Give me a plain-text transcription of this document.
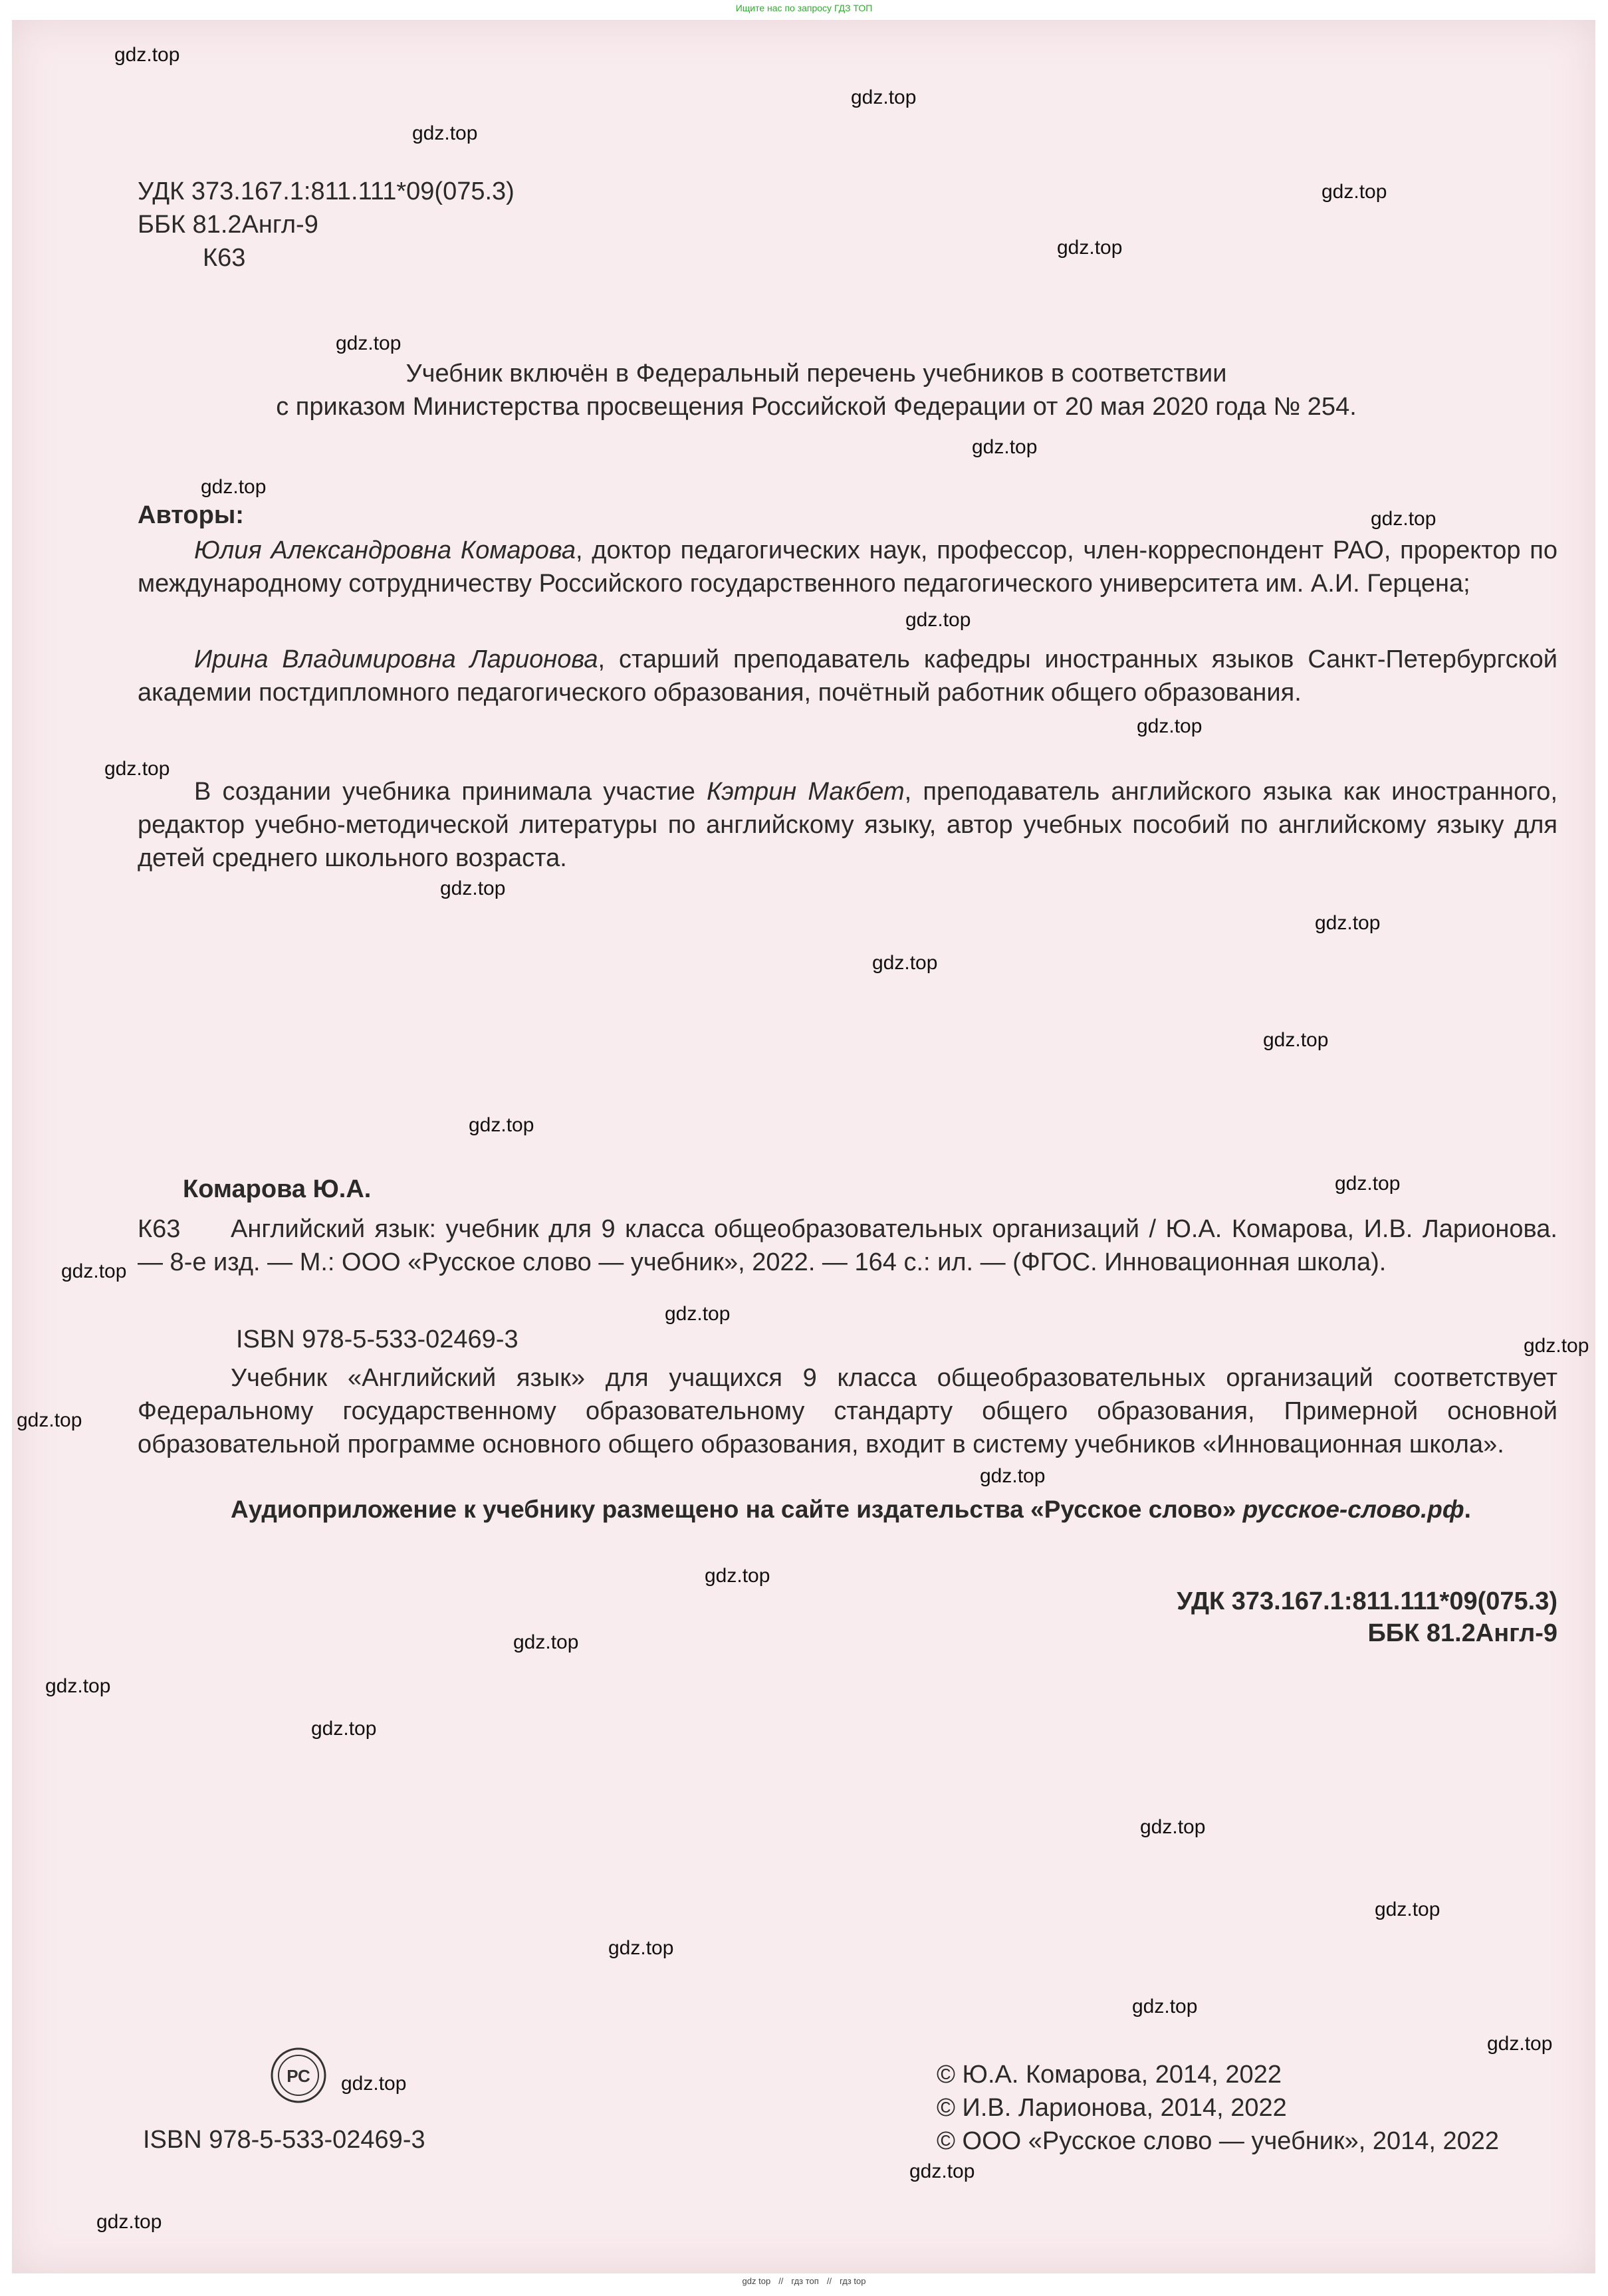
Ищите нас по запросу ГДЗ ТОП
УДК 373.167.1:811.111*09(075.3)
ББК 81.2Англ-9
К63
Учебник включён в Федеральный перечень учебников в соответствии
с приказом Министерства просвещения Российской Федерации от 20 мая 2020 года № 254.
Авторы:
Юлия Александровна Комарова, доктор педагогических наук, профессор, член-корреспондент РАО, проректор по международному сотрудничеству Российского государственного педагогического университета им. А.И. Герцена;
Ирина Владимировна Ларионова, старший преподаватель кафедры иностранных языков Санкт-Петербургской академии постдипломного педагогического образования, почётный работник общего образования.
В создании учебника принимала участие Кэтрин Макбет, преподаватель английского языка как иностранного, редактор учебно-методической литературы по английскому языку, автор учебных пособий по английскому языку для детей среднего школьного возраста.
Комарова Ю.А.
К63	Английский язык: учебник для 9 класса общеобразовательных организаций / Ю.А. Комарова, И.В. Ларионова. — 8-е изд. — М.: ООО «Русское слово — учебник», 2022. — 164 с.: ил. — (ФГОС. Инновационная школа).
ISBN 978-5-533-02469-3
Учебник «Английский язык» для учащихся 9 класса общеобразовательных организаций соответствует Федеральному государственному образовательному стандарту общего образования, Примерной основной образовательной программе основного общего образования, входит в систему учебников «Инновационная школа».
Аудиоприложение к учебнику размещено на сайте издательства «Русское слово» русское-слово.рф.
УДК 373.167.1:811.111*09(075.3)
ББК 81.2Англ-9
РС
ISBN 978-5-533-02469-3
© Ю.А. Комарова, 2014, 2022
© И.В. Ларионова, 2014, 2022
© ООО «Русское слово — учебник», 2014, 2022
gdz.top
gdz.top
gdz.top
gdz.top
gdz.top
gdz.top
gdz.top
gdz.top
gdz.top
gdz.top
gdz.top
gdz.top
gdz.top
gdz.top
gdz.top
gdz.top
gdz.top
gdz.top
gdz.top
gdz.top
gdz.top
gdz.top
gdz.top
gdz.top
gdz.top
gdz.top
gdz.top
gdz.top
gdz.top
gdz.top
gdz.top
gdz.top
gdz.top
gdz.top
gdz.top
gdz top // гдз топ // гдз top
